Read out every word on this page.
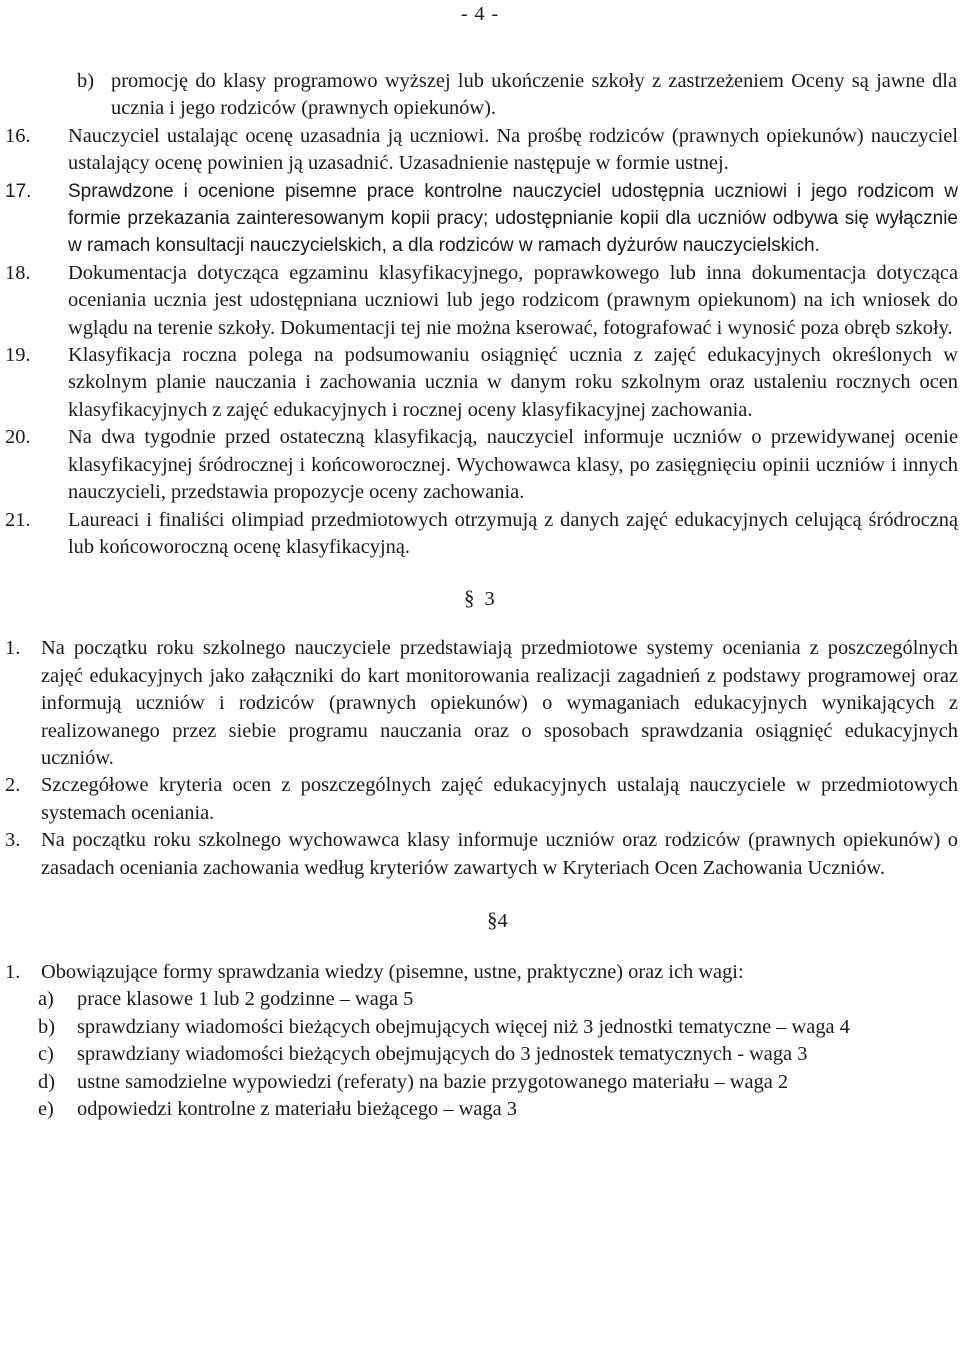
- 4 -
b) promocję do klasy programowo wyższej lub ukończenie szkoły z zastrzeżeniem Oceny są jawne dla ucznia i jego rodziców (prawnych opiekunów).
16. Nauczyciel ustalając ocenę uzasadnia ją uczniowi. Na prośbę rodziców (prawnych opiekunów) nauczyciel ustalający ocenę powinien ją uzasadnić. Uzasadnienie następuje w formie ustnej.
17. Sprawdzone i ocenione pisemne prace kontrolne nauczyciel udostępnia uczniowi i jego rodzicom w formie przekazania zainteresowanym kopii pracy; udostępnianie kopii dla uczniów odbywa się wyłącznie w ramach konsultacji nauczycielskich, a dla rodziców w ramach dyżurów nauczycielskich.
18. Dokumentacja dotycząca egzaminu klasyfikacyjnego, poprawkowego lub inna dokumentacja dotycząca oceniania ucznia jest udostępniana uczniowi lub jego rodzicom (prawnym opiekunom) na ich wniosek do wglądu na terenie szkoły. Dokumentacji tej nie można kserować, fotografować i wynosić poza obręb szkoły.
19. Klasyfikacja roczna polega na podsumowaniu osiągnięć ucznia z zajęć edukacyjnych określonych w szkolnym planie nauczania i zachowania ucznia w danym roku szkolnym oraz ustaleniu rocznych ocen klasyfikacyjnych z zajęć edukacyjnych i rocznej oceny klasyfikacyjnej zachowania.
20. Na dwa tygodnie przed ostateczną klasyfikacją, nauczyciel informuje uczniów o przewidywanej ocenie klasyfikacyjnej śródrocznej i końcoworocznej. Wychowawca klasy, po zasięgnięciu opinii uczniów i innych nauczycieli, przedstawia propozycje oceny zachowania.
21. Laureaci i finaliści olimpiad przedmiotowych otrzymują z danych zajęć edukacyjnych celującą śródroczną lub końcoworoczną ocenę klasyfikacyjną.
§ 3
1. Na początku roku szkolnego nauczyciele przedstawiają przedmiotowe systemy oceniania z poszczególnych zajęć edukacyjnych jako załączniki do kart monitorowania realizacji zagadnień z podstawy programowej oraz informują uczniów i rodziców (prawnych opiekunów) o wymaganiach edukacyjnych wynikających z realizowanego przez siebie programu nauczania oraz o sposobach sprawdzania osiągnięć edukacyjnych uczniów.
2. Szczegółowe kryteria ocen z poszczególnych zajęć edukacyjnych ustalają nauczyciele w przedmiotowych systemach oceniania.
3. Na początku roku szkolnego wychowawca klasy informuje uczniów oraz rodziców (prawnych opiekunów) o zasadach oceniania zachowania według kryteriów zawartych w Kryteriach Ocen Zachowania Uczniów.
§4
1. Obowiązujące formy sprawdzania wiedzy (pisemne, ustne, praktyczne) oraz ich wagi:
a) prace klasowe 1 lub 2 godzinne – waga 5
b) sprawdziany wiadomości bieżących obejmujących więcej niż 3 jednostki tematyczne – waga 4
c) sprawdziany wiadomości bieżących obejmujących do 3 jednostek tematycznych - waga 3
d) ustne samodzielne wypowiedzi (referaty) na bazie przygotowanego materiału – waga 2
e) odpowiedzi kontrolne z materiału bieżącego – waga 3
